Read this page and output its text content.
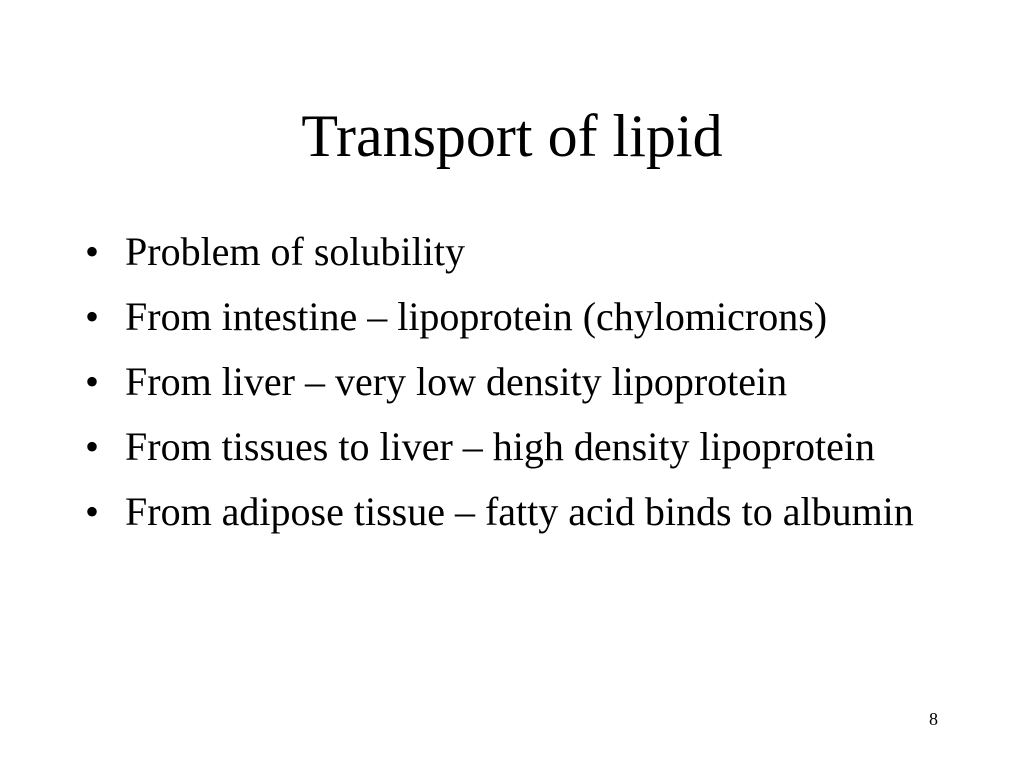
Transport of lipid
• Problem of solubility
• From intestine – lipoprotein (chylomicrons)
• From liver – very low density lipoprotein
• From tissues to liver – high density lipoprotein
• From adipose tissue – fatty acid binds to albumin
8
